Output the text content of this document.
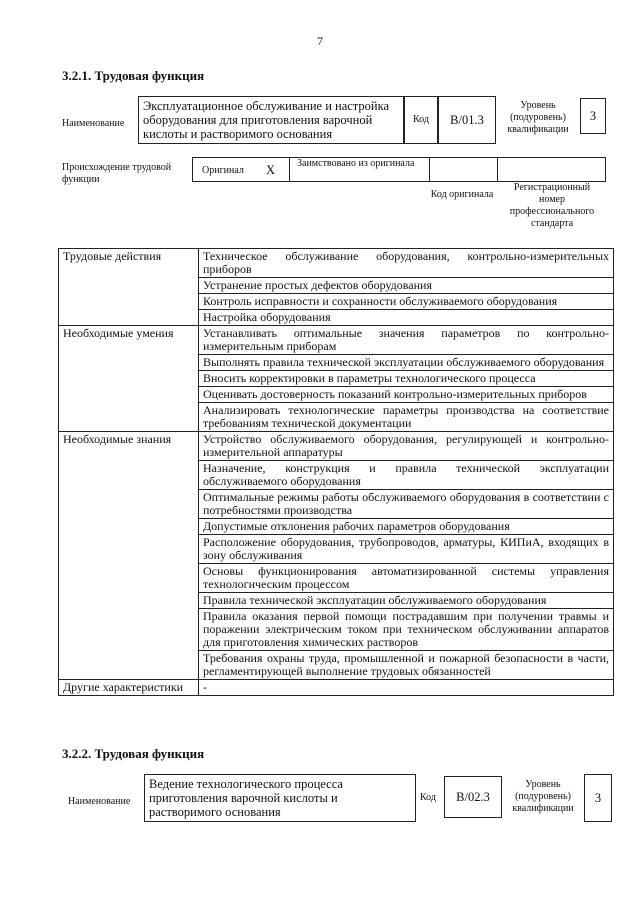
7
3.2.1. Трудовая функция
Наименование
Эксплуатационное обслуживание и настройка оборудования для приготовления варочной кислоты и растворимого основания
Код	B/01.3
Уровень (подуровень) квалификации
3
Происхождение трудовой функции
Оригинал X Заимствовано из оригинала
Код оригинала
Регистрационный номер профессионального стандарта
Трудовые действия	Техническое обслуживание оборудования, контрольно-измерительных приборов
	Устранение простых дефектов оборудования
	Контроль исправности и сохранности обслуживаемого оборудования
	Настройка оборудования
Необходимые умения	Устанавливать оптимальные значения параметров по контрольно-измерительным приборам
	Выполнять правила технической эксплуатации обслуживаемого оборудования
	Вносить корректировки в параметры технологического процесса
	Оценивать достоверность показаний контрольно-измерительных приборов
	Анализировать технологические параметры производства на соответствие требованиям технической документации
Необходимые знания	Устройство обслуживаемого оборудования, регулирующей и контрольно-измерительной аппаратуры
	Назначение, конструкция и правила технической эксплуатации обслуживаемого оборудования
	Оптимальные режимы работы обслуживаемого оборудования в соответствии с потребностями производства
	Допустимые отклонения рабочих параметров оборудования
	Расположение оборудования, трубопроводов, арматуры, КИПиА, входящих в зону обслуживания
	Основы функционирования автоматизированной системы управления технологическим процессом
	Правила технической эксплуатации обслуживаемого оборудования
	Правила оказания первой помощи пострадавшим при получении травмы и поражении электрическим током при техническом обслуживании аппаратов для приготовления химических растворов
	Требования охраны труда, промышленной и пожарной безопасности в части, регламентирующей выполнение трудовых обязанностей
Другие характеристики	-
3.2.2. Трудовая функция
Наименование
Ведение технологического процесса приготовления варочной кислоты и растворимого основания
Код	B/02.3
Уровень (подуровень) квалификации
3
